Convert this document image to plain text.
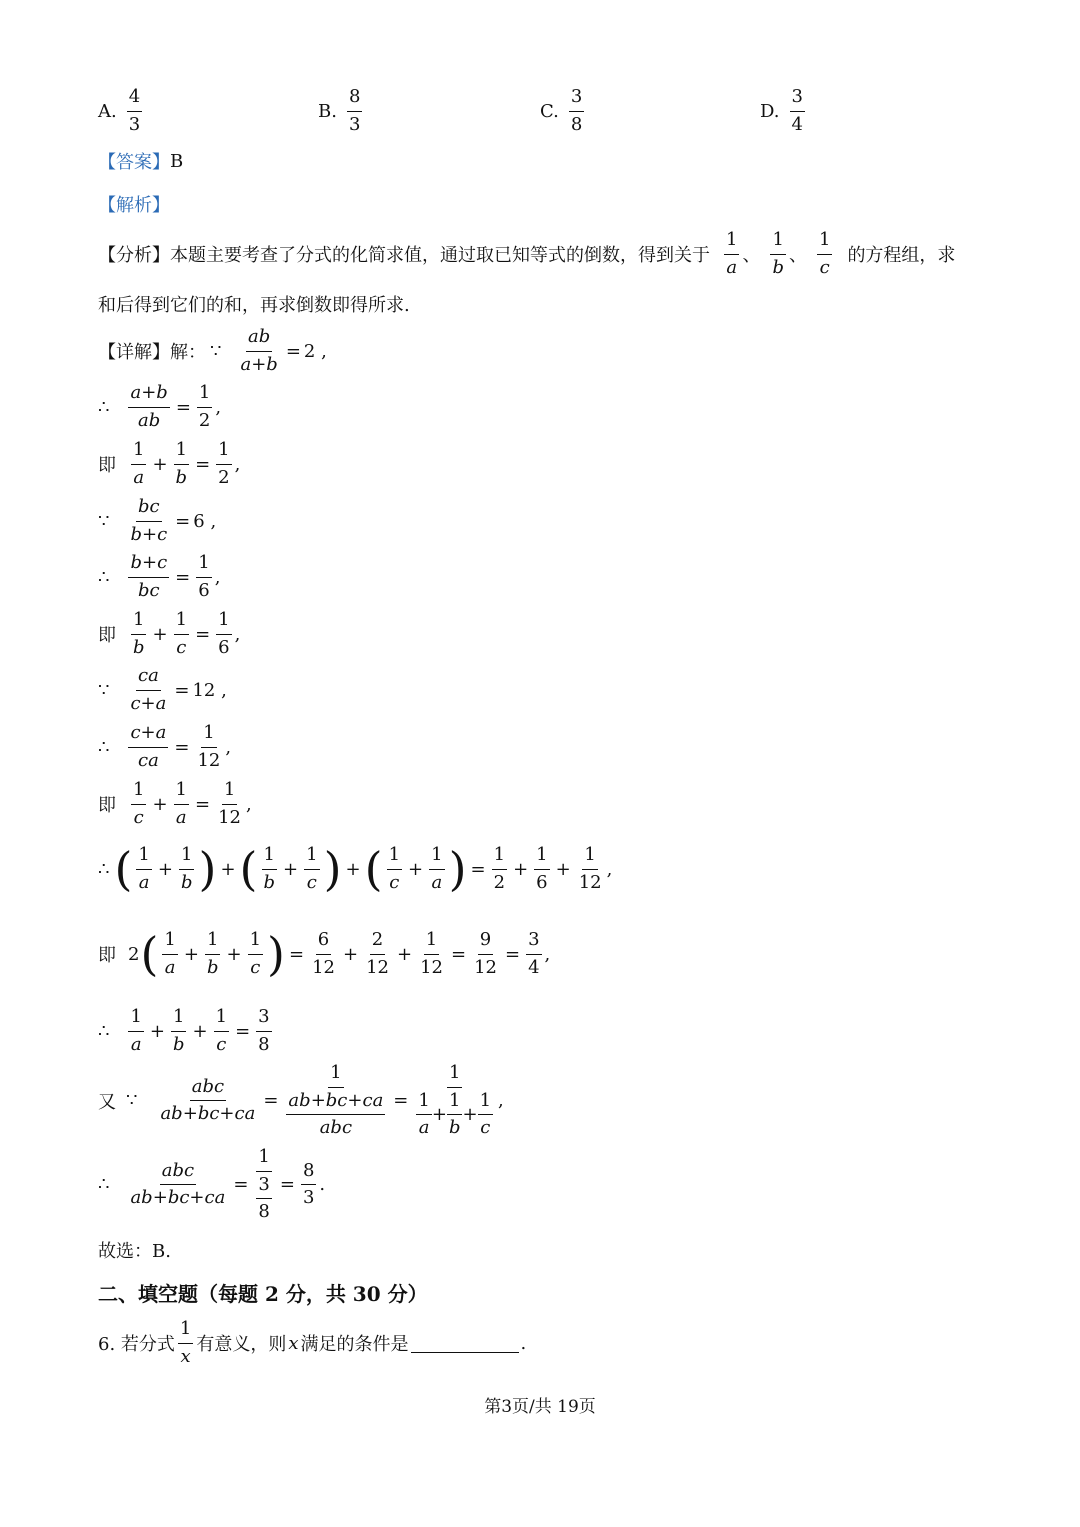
A.
4
3
B.
8
3
C.
3
8
D.
3
4
【答案】 B
【解析】
【分析】 本题主要考查了分式的化简求值，通过取已知等式的倒数，得到关于
1
a
、
1
b
、
1
c
的方程组，求
和后得到它们的和，再求倒数即得所求.
【详解】 解： ∵ $\frac{ab}{a+b} = 2$ ,
∴ $\frac{a+b}{ab} = \frac{1}{2}$ ,
即
1
a
+ $\frac{1}{b} = \frac{1}{2}$ ,
∵ $\frac{bc}{b+c} = 6$ ,
∴ $\frac{b+c}{bc} = \frac{1}{6}$ ,
即
1
b
+ $\frac{1}{c} = \frac{1}{6}$ ,
∵ $\frac{ca}{c+a} = 12$ ,
∴ $\frac{c+a}{ca} = \frac{1}{12}$ ,
即
1
c
+ $\frac{1}{a} = \frac{1}{12}$ ,
∴ ( 1
a
+ $\frac{1}{b}$ ) + ( 1
b
+ $\frac{1}{c}$ ) + ( 1
c
+ $\frac{1}{a}$ ) = $\frac{1}{2} + \frac{1}{6} + \frac{1}{12}$ ,
即 2 ( 1
a
+ $\frac{1}{b} + \frac{1}{c}$ ) = $\frac{6}{12} + \frac{2}{12} + \frac{1}{12} = \frac{9}{12} = \frac{3}{4}$ ,
∴
1
a
+ $\frac{1}{b} + \frac{1}{c} = \frac{3}{8}$
又 ∵
abc
ab+bc+ca
=
1
ab+bc+ca
abc
= $\frac{1}{\frac{1}{a} + \frac{1}{b} + \frac{1}{c}}$ ,
∴
abc
ab+bc+ca
= $\frac{1}{\frac{3}{8}} = \frac{8}{3}$ .
故选：B.
二、填空题（每题 2 分，共 30 分）
6. 若分式
1
x
有意义，则 x 满足的条件是	.
第3页/共 19页
